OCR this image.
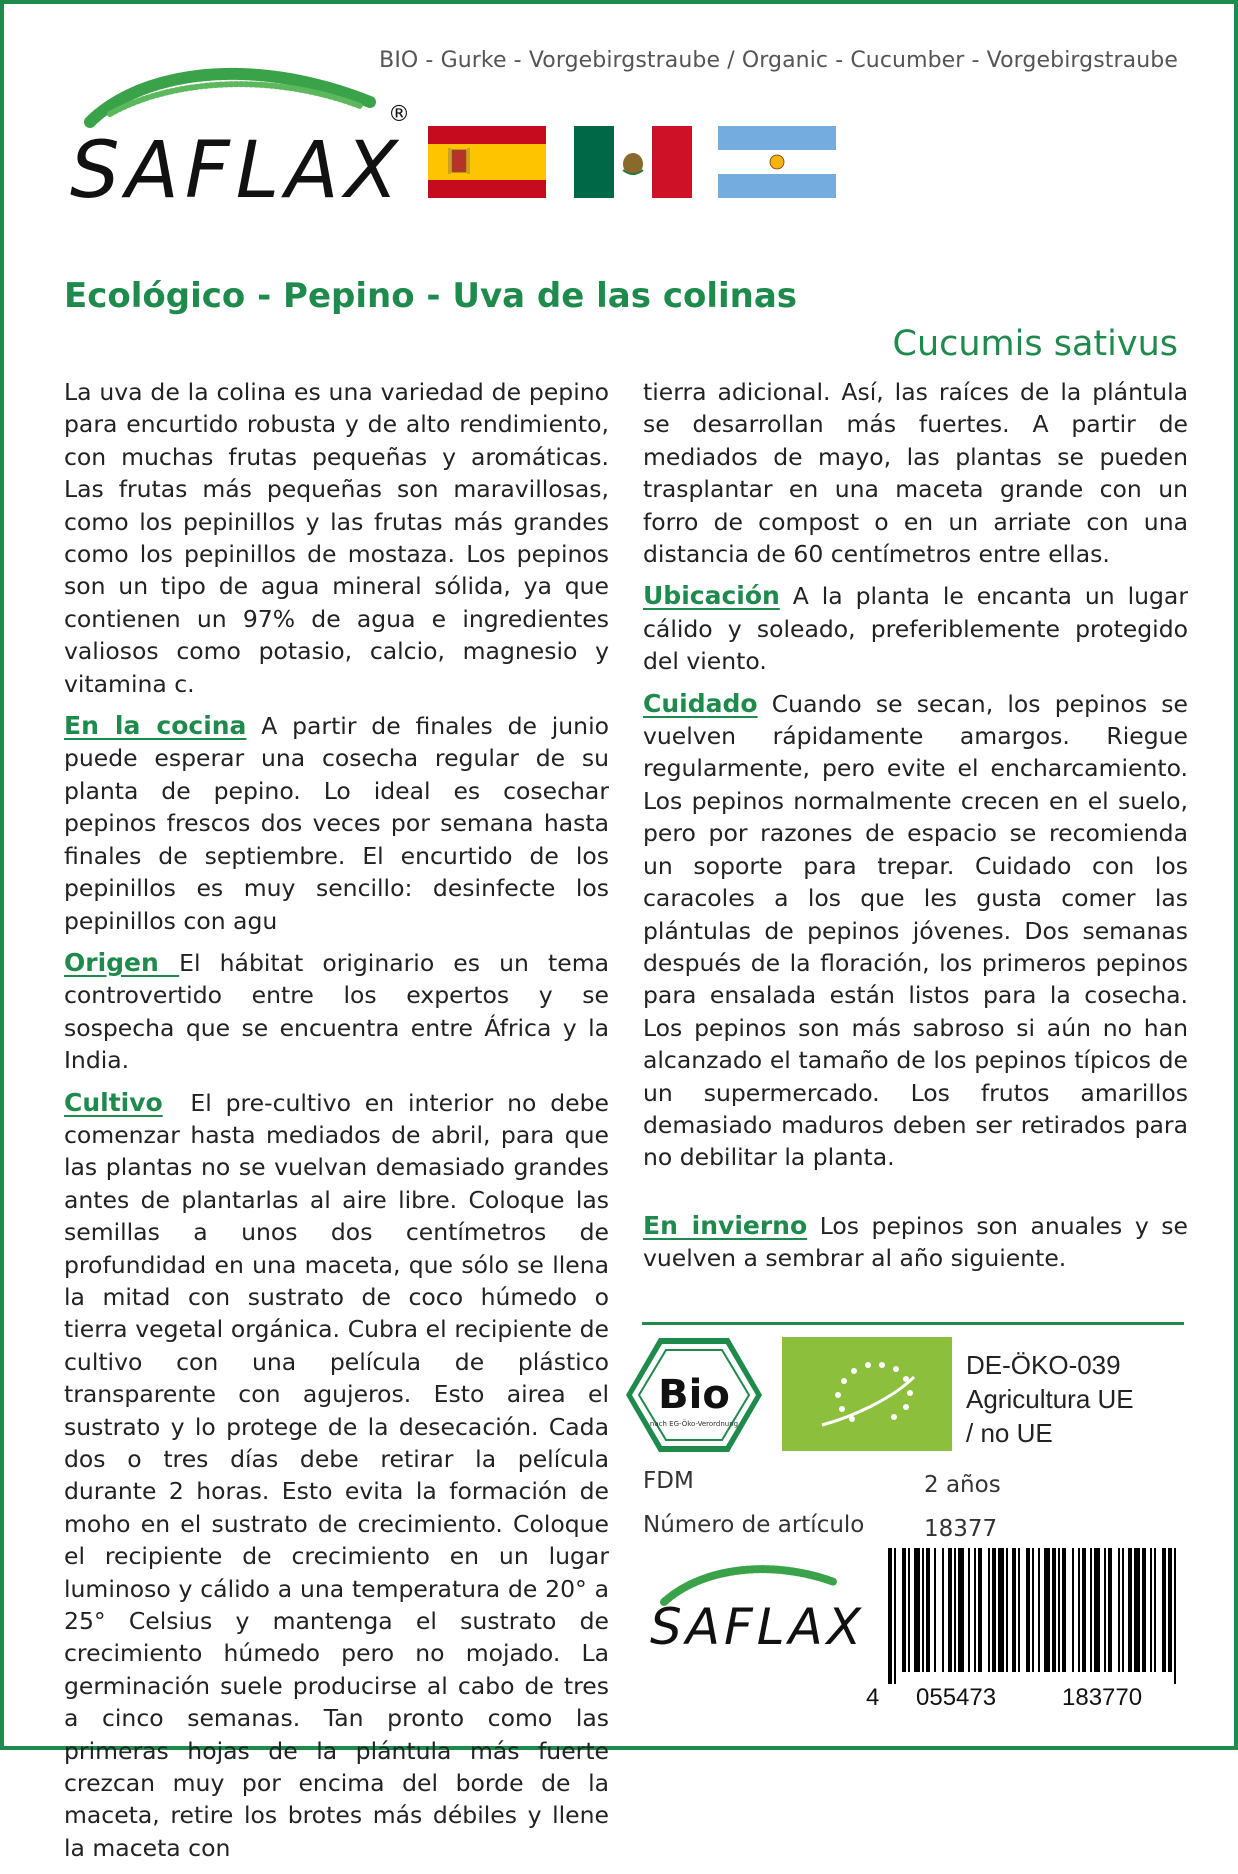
BIO - Gurke - Vorgebirgstraube / Organic - Cucumber - Vorgebirgstraube
SAFLAX
®
Ecológico - Pepino - Uva de las colinas
Cucumis sativus

La uva de la colina es una variedad de pepino para encurtido robusta y de alto rendimiento, con muchas frutas pequeñas y aromáticas. Las frutas más pequeñas son maravillosas, como los pepinillos y las frutas más grandes como los pepinillos de mostaza. Los pepinos son un tipo de agua mineral sólida, ya que contienen un 97% de agua e ingredientes valiosos como potasio, calcio, magnesio y vitamina c.

En la cocina A partir de finales de junio puede esperar una cosecha regular de su planta de pepino. Lo ideal es cosechar pepinos frescos dos veces por semana hasta finales de septiembre. El encurtido de los pepinillos es muy sencillo: desinfecte los pepinillos con agu

Origen El hábitat originario es un tema controvertido entre los expertos y se sospecha que se encuentra entre África y la India.

Cultivo  El pre-cultivo en interior no debe comenzar hasta mediados de abril, para que las plantas no se vuelvan demasiado grandes antes de plantarlas al aire libre. Coloque las semillas a unos dos centímetros de profundidad en una maceta, que sólo se llena la mitad con sustrato de coco húmedo o tierra vegetal orgánica. Cubra el recipiente de cultivo con una película de plástico transparente con agujeros. Esto airea el sustrato y lo protege de la desecación. Cada dos o tres días debe retirar la película durante 2 horas. Esto evita la formación de moho en el sustrato de crecimiento. Coloque el recipiente de crecimiento en un lugar luminoso y cálido a una temperatura de 20° a 25° Celsius y mantenga el sustrato de crecimiento húmedo pero no mojado. La germinación suele producirse al cabo de tres a cinco semanas. Tan pronto como las primeras hojas de la plántula más fuerte crezcan muy por encima del borde de la maceta, retire los brotes más débiles y llene la maceta con

tierra adicional. Así, las raíces de la plántula se desarrollan más fuertes. A partir de mediados de mayo, las plantas se pueden trasplantar en una maceta grande con un forro de compost o en un arriate con una distancia de 60 centímetros entre ellas.

Ubicación A la planta le encanta un lugar cálido y soleado, preferiblemente protegido del viento.

Cuidado Cuando se secan, los pepinos se vuelven rápidamente amargos. Riegue regularmente, pero evite el encharcamiento. Los pepinos normalmente crecen en el suelo, pero por razones de espacio se recomienda un soporte para trepar. Cuidado con los caracoles a los que les gusta comer las plántulas de pepinos jóvenes. Dos semanas después de la floración, los primeros pepinos para ensalada están listos para la cosecha. Los pepinos son más sabroso si aún no han alcanzado el tamaño de los pepinos típicos de un supermercado. Los frutos amarillos demasiado maduros deben ser retirados para no debilitar la planta.

En invierno Los pepinos son anuales y se vuelven a sembrar al año siguiente.

Bio
nach EG-Öko-Verordnung
DE-ÖKO-039
Agricultura UE
/ no UE
FDM	2 años
Número de artículo	18377
SAFLAX
4 055473	183770
